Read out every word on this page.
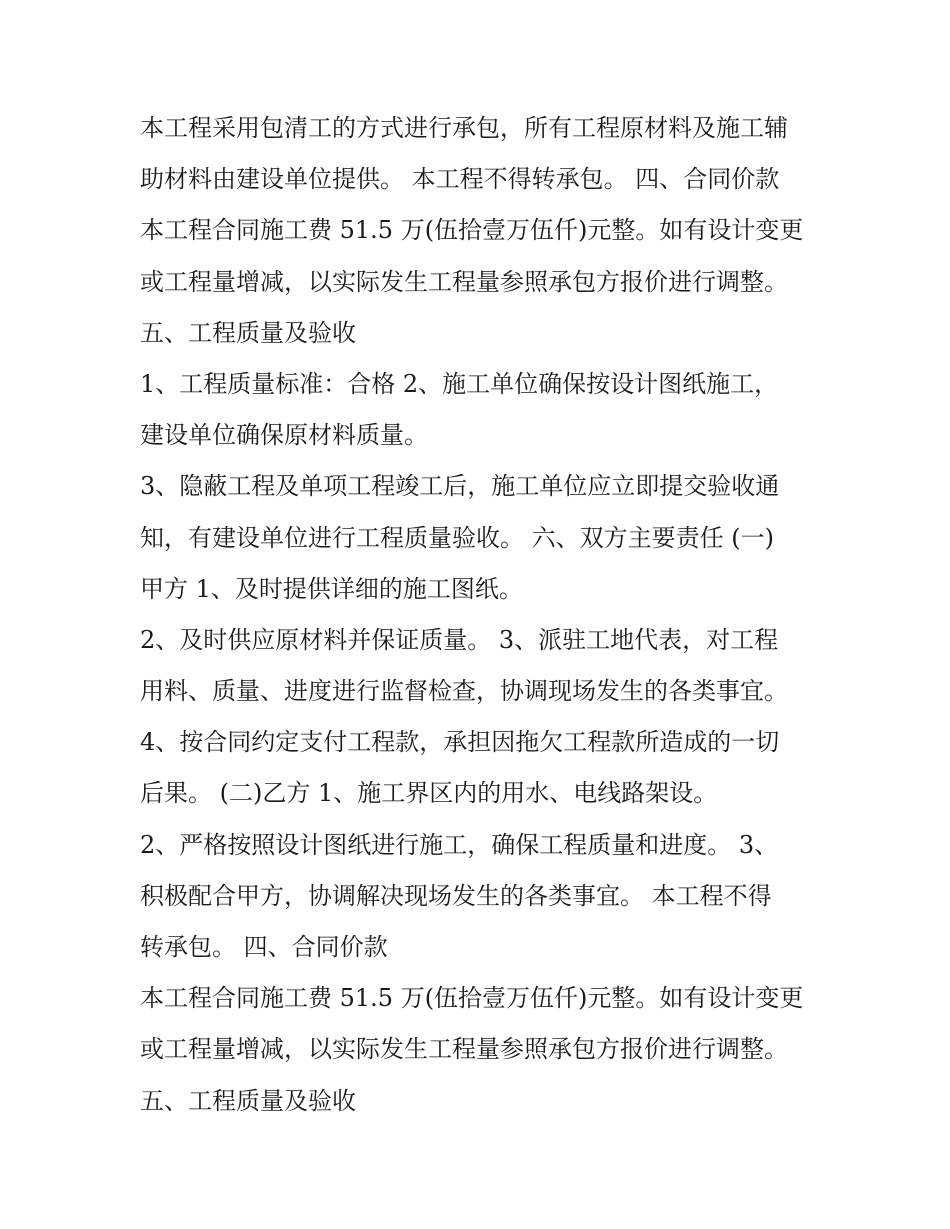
本工程采用包清工的方式进行承包，所有工程原材料及施工辅
助材料由建设单位提供。 本工程不得转承包。 四、合同价款
本工程合同施工费 51.5 万(伍拾壹万伍仟)元整。如有设计变更
或工程量增减，以实际发生工程量参照承包方报价进行调整。
五、工程质量及验收
1、工程质量标准：合格 2、施工单位确保按设计图纸施工，
建设单位确保原材料质量。
3、隐蔽工程及单项工程竣工后，施工单位应立即提交验收通
知，有建设单位进行工程质量验收。 六、双方主要责任 (一)
甲方 1、及时提供详细的施工图纸。
2、及时供应原材料并保证质量。 3、派驻工地代表，对工程
用料、质量、进度进行监督检查，协调现场发生的各类事宜。
4、按合同约定支付工程款，承担因拖欠工程款所造成的一切
后果。 (二)乙方 1、施工界区内的用水、电线路架设。
2、严格按照设计图纸进行施工，确保工程质量和进度。 3、
积极配合甲方，协调解决现场发生的各类事宜。 本工程不得
转承包。 四、合同价款
本工程合同施工费 51.5 万(伍拾壹万伍仟)元整。如有设计变更
或工程量增减，以实际发生工程量参照承包方报价进行调整。
五、工程质量及验收
